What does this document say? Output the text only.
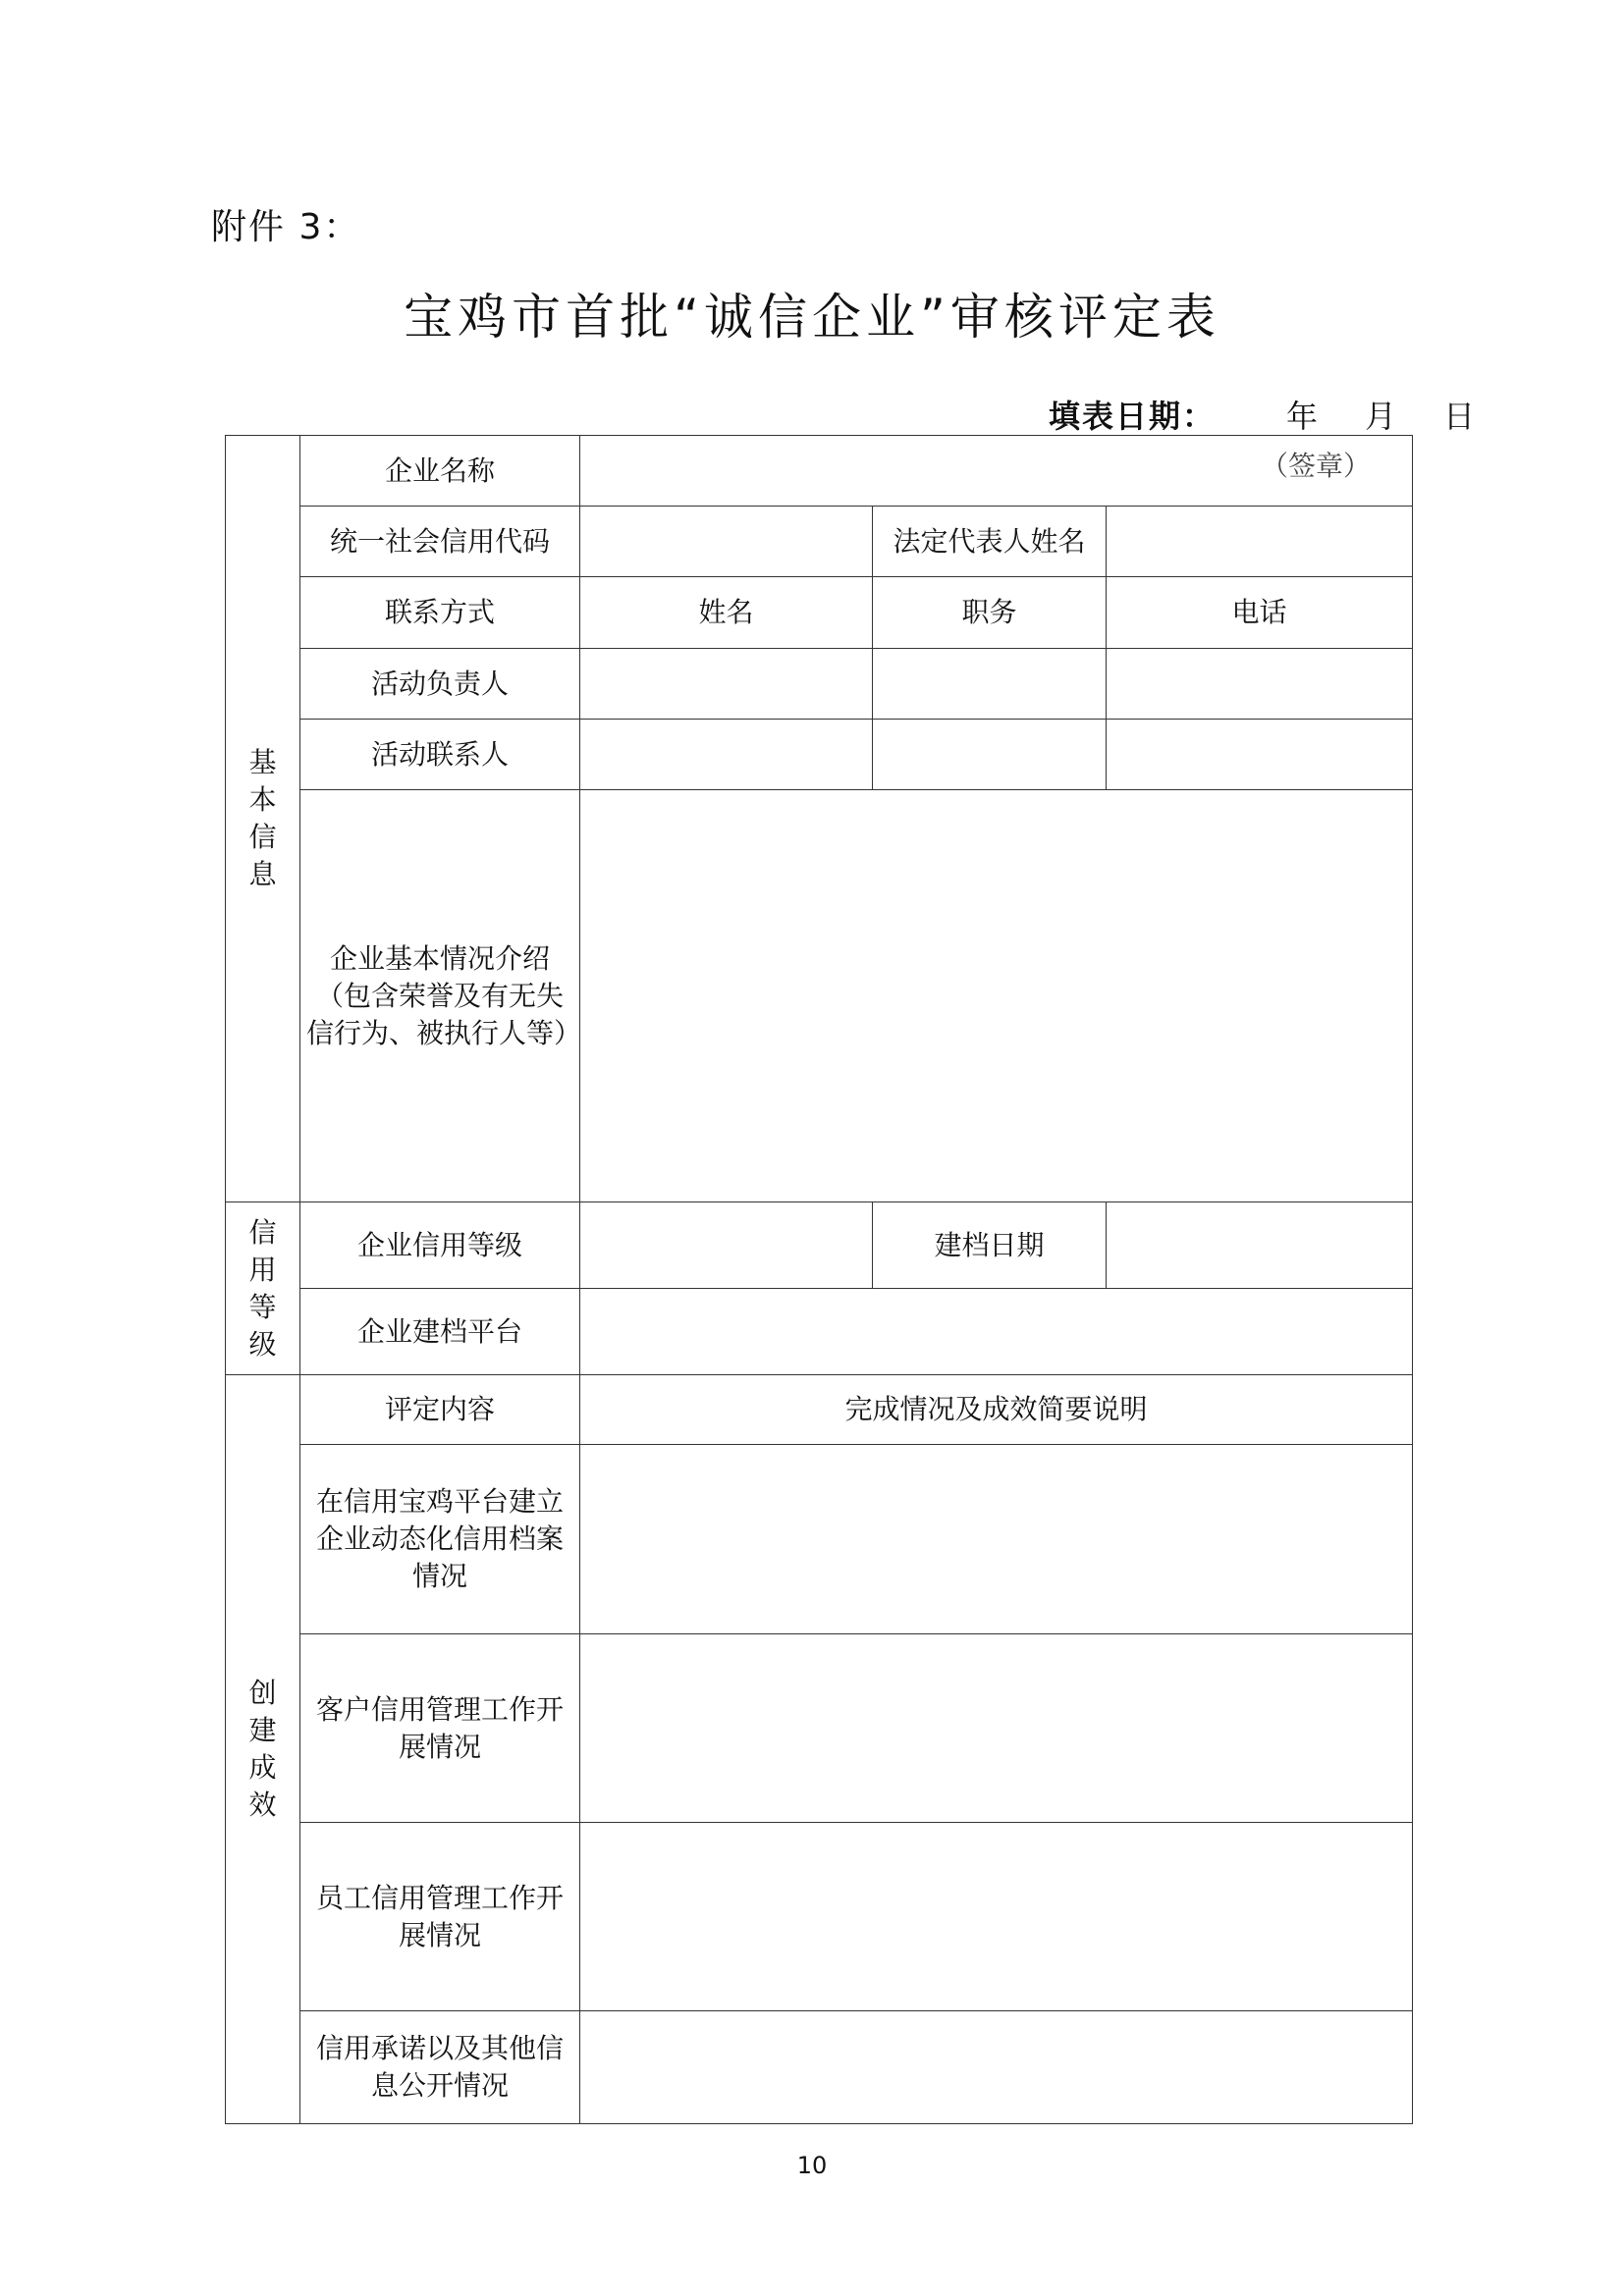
附件 3：
宝鸡市首批“诚信企业”审核评定表
填表日期： 年 月 日
基本信息	企业名称	（签章）		
	统一社会信用代码		法定代表人姓名	
	联系方式	姓名	职务	电话
	活动负责人			
	活动联系人			
	企业基本情况介绍（包含荣誉及有无失信行为、被执行人等）			

信用等级	企业信用等级		建档日期	
	企业建档平台			

创建成效	评定内容	完成情况及成效简要说明		
	在信用宝鸡平台建立企业动态化信用档案情况			
	客户信用管理工作开展情况			
	员工信用管理工作开展情况			
	信用承诺以及其他信息公开情况			
10
